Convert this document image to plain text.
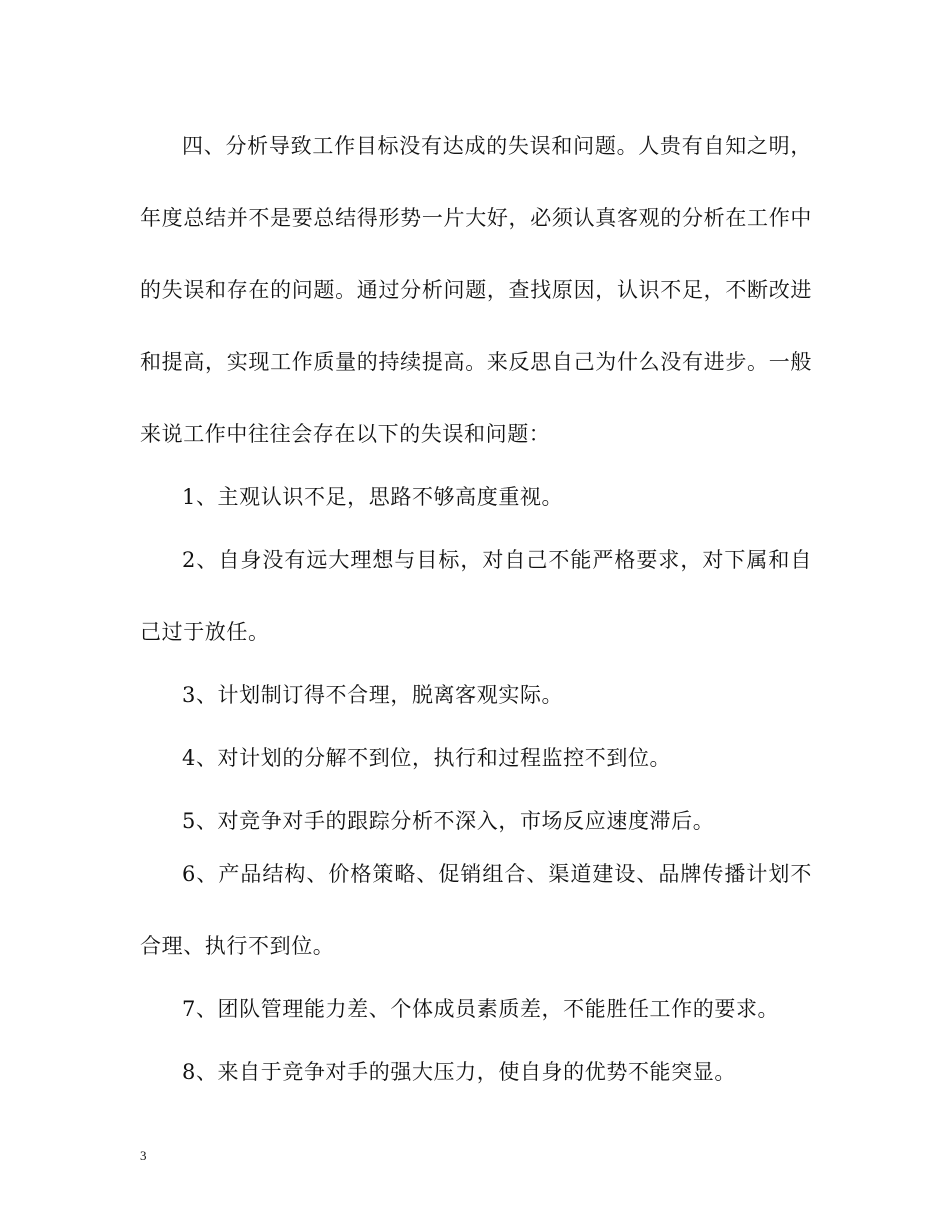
四、分析导致工作目标没有达成的失误和问题。人贵有自知之明，
年度总结并不是要总结得形势一片大好，必须认真客观的分析在工作中
的失误和存在的问题。通过分析问题，查找原因，认识不足，不断改进
和提高，实现工作质量的持续提高。来反思自己为什么没有进步。一般
来说工作中往往会存在以下的失误和问题：
1、主观认识不足，思路不够高度重视。
2、自身没有远大理想与目标，对自己不能严格要求，对下属和自
己过于放任。
3、计划制订得不合理，脱离客观实际。
4、对计划的分解不到位，执行和过程监控不到位。
5、对竞争对手的跟踪分析不深入，市场反应速度滞后。
6、产品结构、价格策略、促销组合、渠道建设、品牌传播计划不
合理、执行不到位。
7、团队管理能力差、个体成员素质差，不能胜任工作的要求。
8、来自于竞争对手的强大压力，使自身的优势不能突显。
3
